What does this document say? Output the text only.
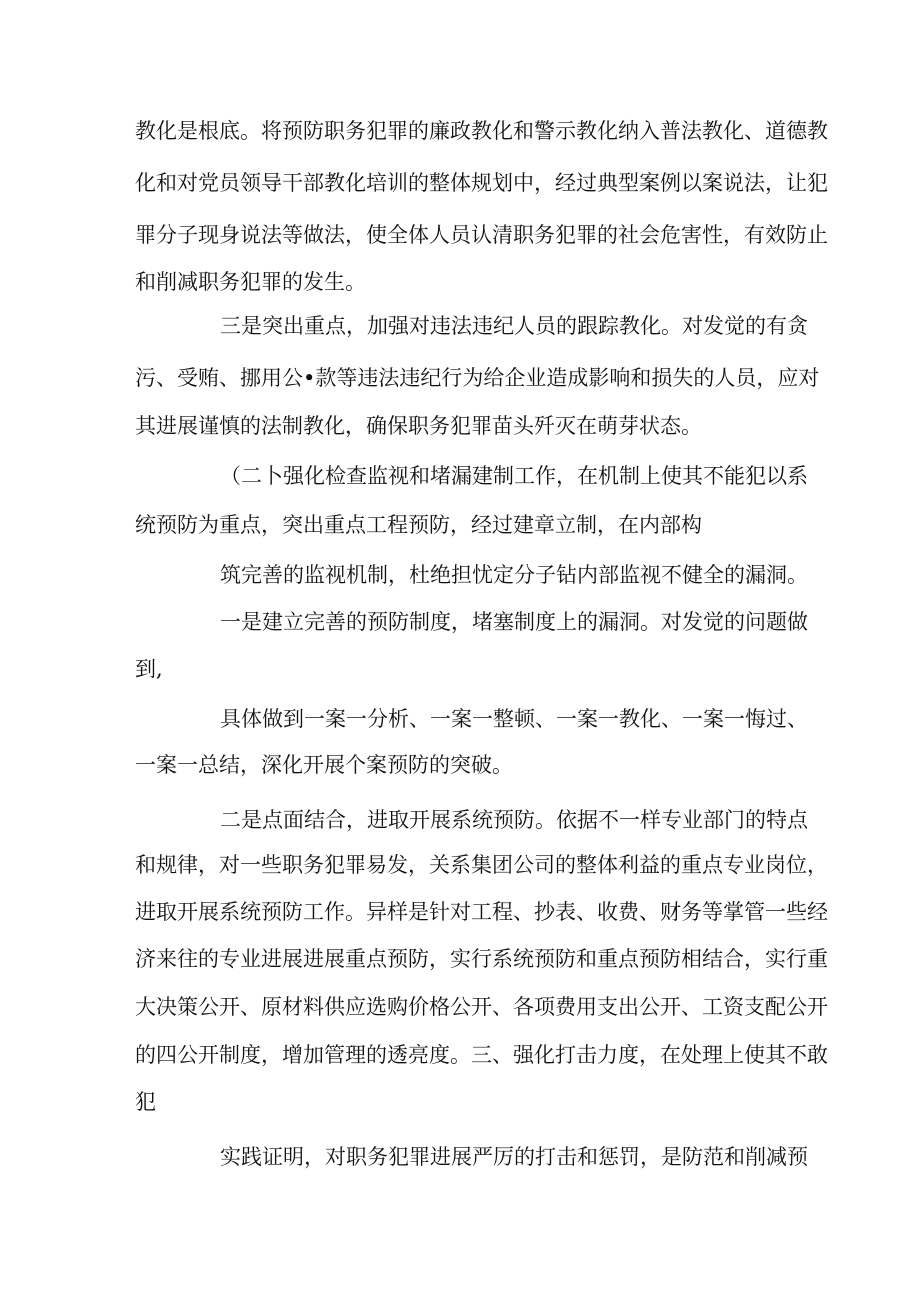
教化是根底。将预防职务犯罪的廉政教化和警示教化纳入普法教化、道德教

化和对党员领导干部教化培训的整体规划中，经过典型案例以案说法，让犯

罪分子现身说法等做法，使全体人员认清职务犯罪的社会危害性，有效防止

和削减职务犯罪的发生。

三是突出重点，加强对违法违纪人员的跟踪教化。对发觉的有贪

污、受贿、挪用公•款等违法违纪行为给企业造成影响和损失的人员，应对

其进展谨慎的法制教化，确保职务犯罪苗头歼灭在萌芽状态。

（二卜强化检查监视和堵漏建制工作，在机制上使其不能犯以系

统预防为重点，突出重点工程预防，经过建章立制，在内部构

筑完善的监视机制，杜绝担忧定分子钻内部监视不健全的漏洞。

一是建立完善的预防制度，堵塞制度上的漏洞。对发觉的问题做

到,

具体做到一案一分析、一案一整顿、一案一教化、一案一悔过、

一案一总结，深化开展个案预防的突破。

二是点面结合，进取开展系统预防。依据不一样专业部门的特点

和规律，对一些职务犯罪易发，关系集团公司的整体利益的重点专业岗位，

进取开展系统预防工作。异样是针对工程、抄表、收费、财务等掌管一些经

济来往的专业进展进展重点预防，实行系统预防和重点预防相结合，实行重

大决策公开、原材料供应选购价格公开、各项费用支出公开、工资支配公开

的四公开制度，增加管理的透亮度。三、强化打击力度，在处理上使其不敢

犯

实践证明，对职务犯罪进展严厉的打击和惩罚，是防范和削减预
